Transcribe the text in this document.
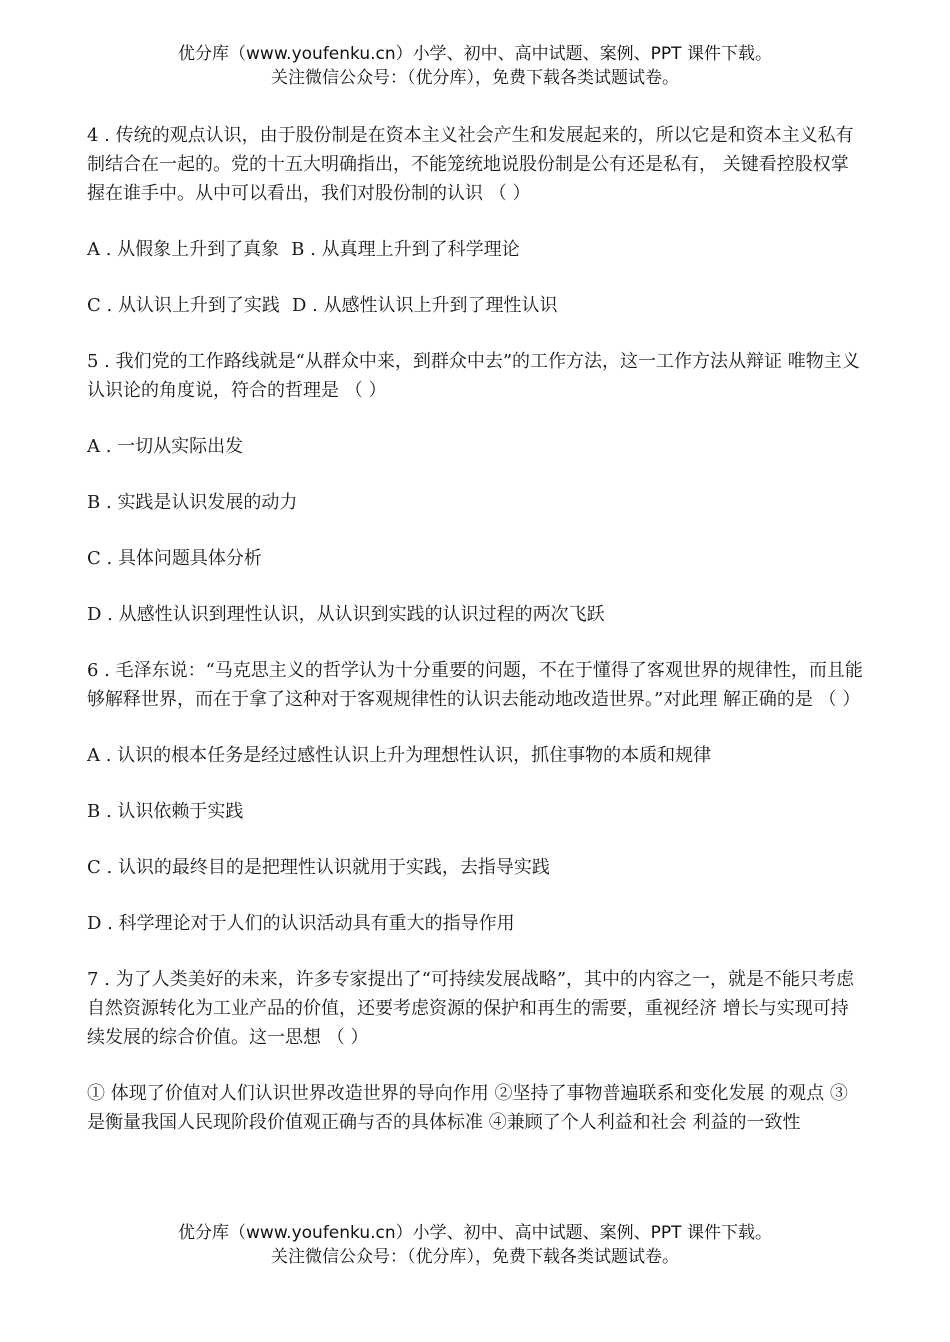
优分库（www.youfenku.cn）小学、初中、高中试题、案例、PPT 课件下载。
关注微信公众号：（优分库），免费下载各类试题试卷。

4 . 传统的观点认识，由于股份制是在资本主义社会产生和发展起来的，所以它是和资本主义私有制结合在一起的。党的十五大明确指出，不能笼统地说股份制是公有还是私有， 关键看控股权掌握在谁手中。从中可以看出，我们对股份制的认识 （ ）

A . 从假象上升到了真象 B . 从真理上升到了科学理论

C . 从认识上升到了实践 D . 从感性认识上升到了理性认识

5 . 我们党的工作路线就是“从群众中来，到群众中去”的工作方法，这一工作方法从辩证 唯物主义认识论的角度说，符合的哲理是 （ ）

A . 一切从实际出发

B . 实践是认识发展的动力

C . 具体问题具体分析

D . 从感性认识到理性认识，从认识到实践的认识过程的两次飞跃

6 . 毛泽东说：“马克思主义的哲学认为十分重要的问题，不在于懂得了客观世界的规律性，而且能够解释世界，而在于拿了这种对于客观规律性的认识去能动地改造世界。”对此理 解正确的是 （ ）

A . 认识的根本任务是经过感性认识上升为理想性认识，抓住事物的本质和规律

B . 认识依赖于实践

C . 认识的最终目的是把理性认识就用于实践，去指导实践

D . 科学理论对于人们的认识活动具有重大的指导作用

7 . 为了人类美好的未来，许多专家提出了“可持续发展战略”，其中的内容之一，就是不能只考虑自然资源转化为工业产品的价值，还要考虑资源的保护和再生的需要，重视经济 增长与实现可持续发展的综合价值。这一思想 （ ）

① 体现了价值对人们认识世界改造世界的导向作用 ②坚持了事物普遍联系和变化发展 的观点 ③是衡量我国人民现阶段价值观正确与否的具体标准 ④兼顾了个人利益和社会 利益的一致性

优分库（www.youfenku.cn）小学、初中、高中试题、案例、PPT 课件下载。
关注微信公众号：（优分库），免费下载各类试题试卷。
